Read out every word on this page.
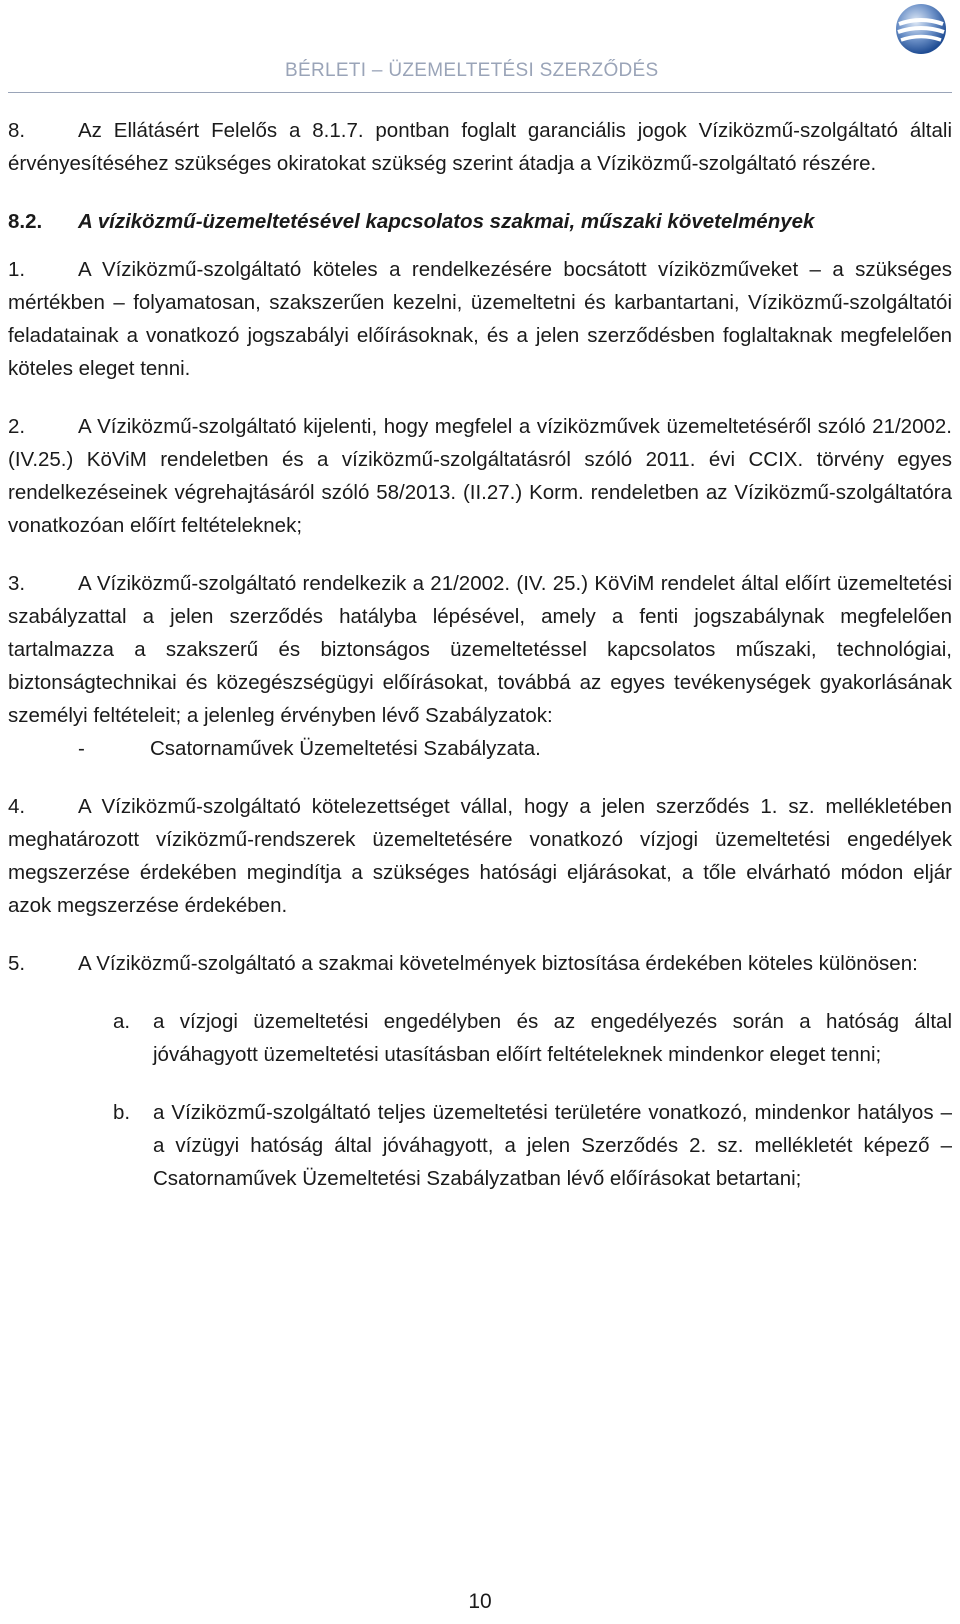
BÉRLETI – ÜZEMELTETÉSI SZERZŐDÉS

8.	Az Ellátásért Felelős a 8.1.7. pontban foglalt garanciális jogok Víziközmű-szolgáltató általi érvényesítéséhez szükséges okiratokat szükség szerint átadja a Víziközmű-szolgáltató részére.

8.2. A víziközmű-üzemeltetésével kapcsolatos szakmai, műszaki követelmények

1.	A Víziközmű-szolgáltató köteles a rendelkezésére bocsátott víziközműveket – a szükséges mértékben – folyamatosan, szakszerűen kezelni, üzemeltetni és karbantartani, Víziközmű-szolgáltatói feladatainak a vonatkozó jogszabályi előírásoknak, és a jelen szerződésben foglaltaknak megfelelően köteles eleget tenni.

2.	A Víziközmű-szolgáltató kijelenti, hogy megfelel a víziközművek üzemeltetéséről szóló 21/2002. (IV.25.) KöViM rendeletben és a víziközmű-szolgáltatásról szóló 2011. évi CCIX. törvény egyes rendelkezéseinek végrehajtásáról szóló 58/2013. (II.27.) Korm. rendeletben az Víziközmű-szolgáltatóra vonatkozóan előírt feltételeknek;

3.	A Víziközmű-szolgáltató rendelkezik a 21/2002. (IV. 25.) KöViM rendelet által előírt üzemeltetési szabályzattal a jelen szerződés hatályba lépésével, amely a fenti jogszabálynak megfelelően tartalmazza a szakszerű és biztonságos üzemeltetéssel kapcsolatos műszaki, technológiai, biztonságtechnikai és közegészségügyi előírásokat, továbbá az egyes tevékenységek gyakorlásának személyi feltételeit; a jelenleg érvényben lévő Szabályzatok:

-	Csatornaművek Üzemeltetési Szabályzata.

4.	A Víziközmű-szolgáltató kötelezettséget vállal, hogy a jelen szerződés 1. sz. mellékletében meghatározott víziközmű-rendszerek üzemeltetésére vonatkozó vízjogi üzemeltetési engedélyek megszerzése érdekében megindítja a szükséges hatósági eljárásokat, a tőle elvárható módon eljár azok megszerzése érdekében.

5.	A Víziközmű-szolgáltató a szakmai követelmények biztosítása érdekében köteles különösen:

a. a vízjogi üzemeltetési engedélyben és az engedélyezés során a hatóság által jóváhagyott üzemeltetési utasításban előírt feltételeknek mindenkor eleget tenni;

b. a Víziközmű-szolgáltató teljes üzemeltetési területére vonatkozó, mindenkor hatályos – a vízügyi hatóság által jóváhagyott, a jelen Szerződés 2. sz. mellékletét képező – Csatornaművek Üzemeltetési Szabályzatban lévő előírásokat betartani;

10
